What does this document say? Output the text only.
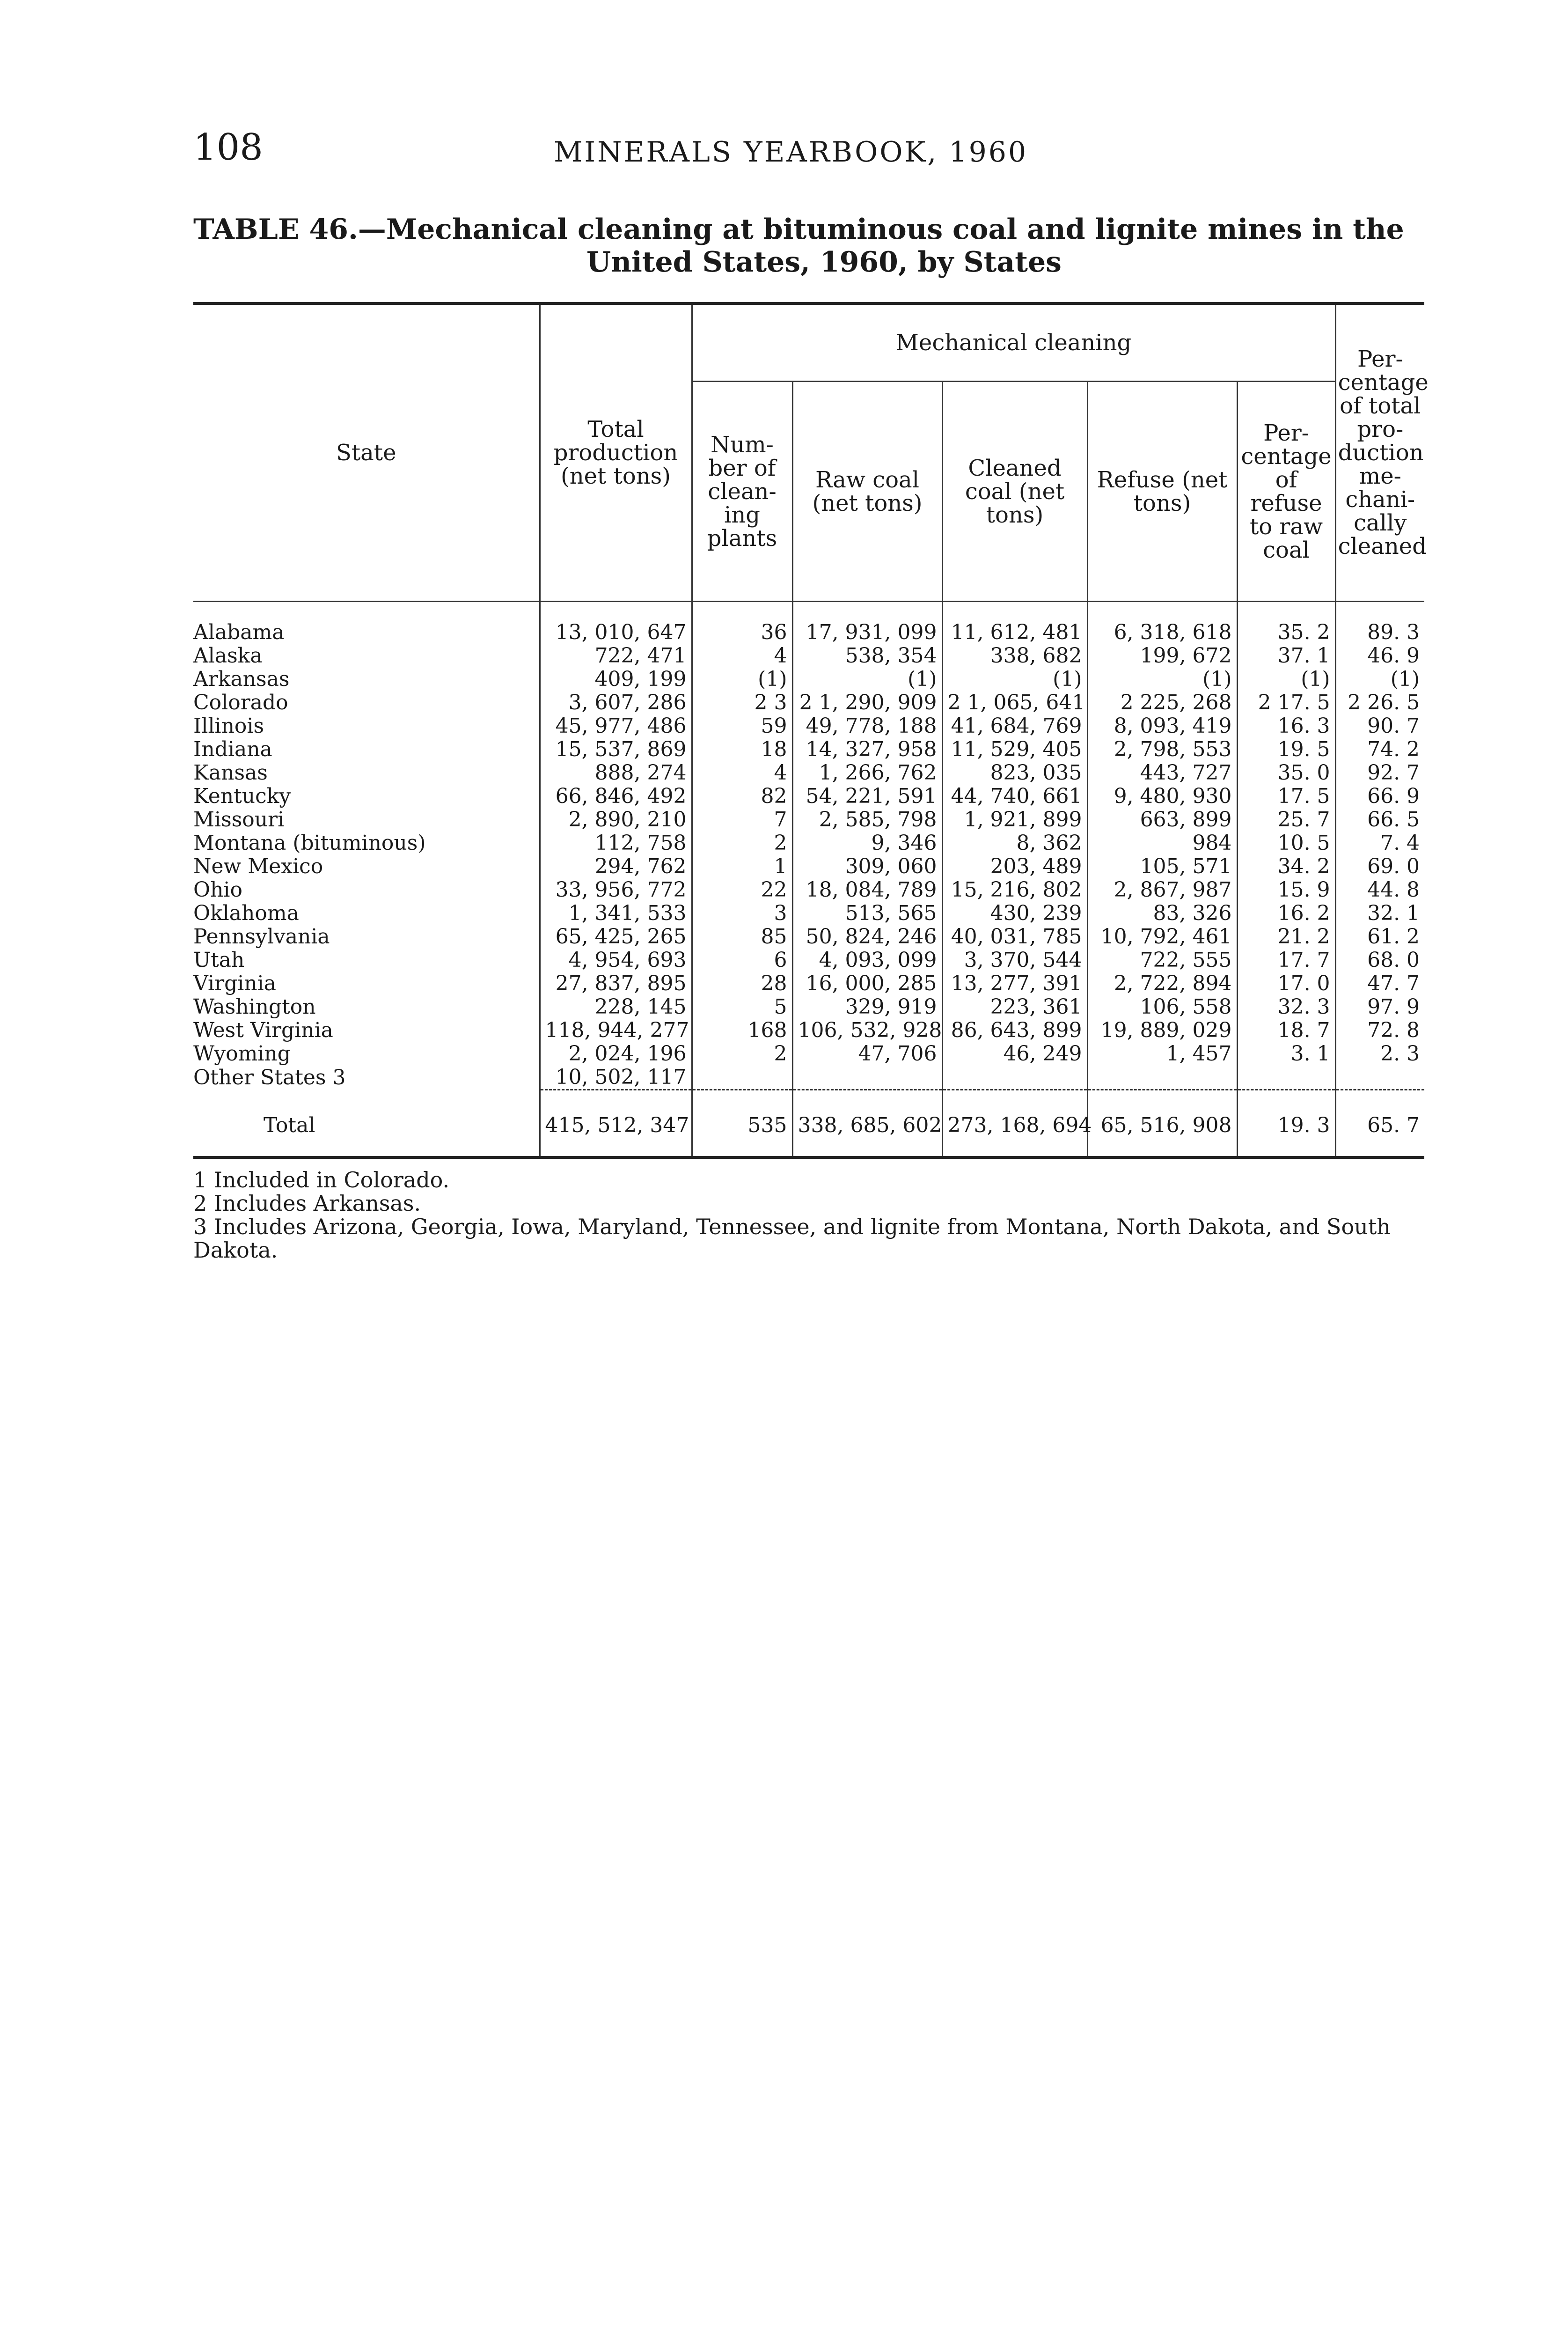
108	MINERALS YEARBOOK, 1960
TABLE 46.—Mechanical cleaning at bituminous coal and lignite mines in the
United States, 1960, by States
State	Total production (net tons)	Mechanical cleaning					Per- centage of total pro- duction me- chani- cally cleaned
		Num- ber of clean- ing plants	Raw coal (net tons)	Cleaned coal (net tons)	Refuse (net tons)	Per- centage of refuse to raw coal	

Alabama	13, 010, 647	36	17, 931, 099	11, 612, 481	6, 318, 618	35. 2	89. 3
Alaska	722, 471	4	538, 354	338, 682	199, 672	37. 1	46. 9
Arkansas	409, 199	(1)	(1)	(1)	(1)	(1)	(1)
Colorado	3, 607, 286	2 3	2 1, 290, 909	2 1, 065, 641	2 225, 268	2 17. 5	2 26. 5
Illinois	45, 977, 486	59	49, 778, 188	41, 684, 769	8, 093, 419	16. 3	90. 7
Indiana	15, 537, 869	18	14, 327, 958	11, 529, 405	2, 798, 553	19. 5	74. 2
Kansas	888, 274	4	1, 266, 762	823, 035	443, 727	35. 0	92. 7
Kentucky	66, 846, 492	82	54, 221, 591	44, 740, 661	9, 480, 930	17. 5	66. 9
Missouri	2, 890, 210	7	2, 585, 798	1, 921, 899	663, 899	25. 7	66. 5
Montana (bituminous)	112, 758	2	9, 346	8, 362	984	10. 5	7. 4
New Mexico	294, 762	1	309, 060	203, 489	105, 571	34. 2	69. 0
Ohio	33, 956, 772	22	18, 084, 789	15, 216, 802	2, 867, 987	15. 9	44. 8
Oklahoma	1, 341, 533	3	513, 565	430, 239	83, 326	16. 2	32. 1
Pennsylvania	65, 425, 265	85	50, 824, 246	40, 031, 785	10, 792, 461	21. 2	61. 2
Utah	4, 954, 693	6	4, 093, 099	3, 370, 544	722, 555	17. 7	68. 0
Virginia	27, 837, 895	28	16, 000, 285	13, 277, 391	2, 722, 894	17. 0	47. 7
Washington	228, 145	5	329, 919	223, 361	106, 558	32. 3	97. 9
West Virginia	118, 944, 277	168	106, 532, 928	86, 643, 899	19, 889, 029	18. 7	72. 8
Wyoming	2, 024, 196	2	47, 706	46, 249	1, 457	3. 1	2. 3
Other States 3	10, 502, 117						

Total	415, 512, 347	535	338, 685, 602	273, 168, 694	65, 516, 908	19. 3	65. 7

1 Included in Colorado.

2 Includes Arkansas.

3 Includes Arizona, Georgia, Iowa, Maryland, Tennessee, and lignite from Montana, North Dakota, and South Dakota.
